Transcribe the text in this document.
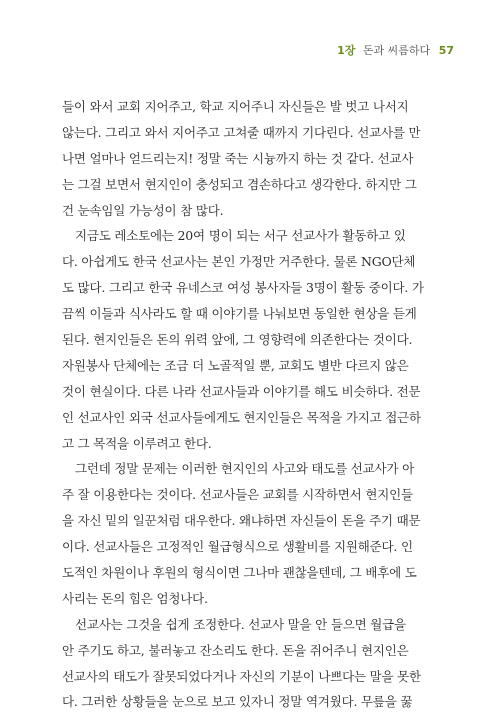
1장 돈과 씨름하다 57
들이 와서 교회 지어주고, 학교 지어주니 자신들은 발 벗고 나서지
않는다. 그리고 와서 지어주고 고쳐줄 때까지 기다린다. 선교사를 만
나면 얼마나 얻드리는지! 정말 죽는 시늉까지 하는 것 같다. 선교사
는 그걸 보면서 현지인이 충성되고 겸손하다고 생각한다. 하지만 그
건 눈속임일 가능성이 참 많다.
지금도 레소토에는 20여 명이 되는 서구 선교사가 활동하고 있
다. 아쉽게도 한국 선교사는 본인 가정만 거주한다. 물론 NGO단체
도 많다. 그리고 한국 유네스코 여성 봉사자들 3명이 활동 중이다. 가
끔씩 이들과 식사라도 할 때 이야기를 나눠보면 동일한 현상을 듣게
된다. 현지인들은 돈의 위력 앞에, 그 영향력에 의존한다는 것이다.
자원봉사 단체에는 조금 더 노골적일 뿐, 교회도 별반 다르지 않은
것이 현실이다. 다른 나라 선교사들과 이야기를 해도 비슷하다. 전문
인 선교사인 외국 선교사들에게도 현지인들은 목적을 가지고 접근하
고 그 목적을 이루려고 한다.
그런데 정말 문제는 이러한 현지인의 사고와 태도를 선교사가 아
주 잘 이용한다는 것이다. 선교사들은 교회를 시작하면서 현지인들
을 자신 밑의 일꾼처럼 대우한다. 왜냐하면 자신들이 돈을 주기 때문
이다. 선교사들은 고정적인 월급형식으로 생활비를 지원해준다. 인
도적인 차원이나 후원의 형식이면 그나마 괜찮을텐데, 그 배후에 도
사리는 돈의 힘은 엄청나다.
선교사는 그것을 쉽게 조정한다. 선교사 말을 안 들으면 월급을
안 주기도 하고, 불러놓고 잔소리도 한다. 돈을 쥐어주니 현지인은
선교사의 태도가 잘못되었다거나 자신의 기분이 나쁘다는 말을 못한
다. 그러한 상황들을 눈으로 보고 있자니 정말 역겨웠다. 무릎을 꿇
